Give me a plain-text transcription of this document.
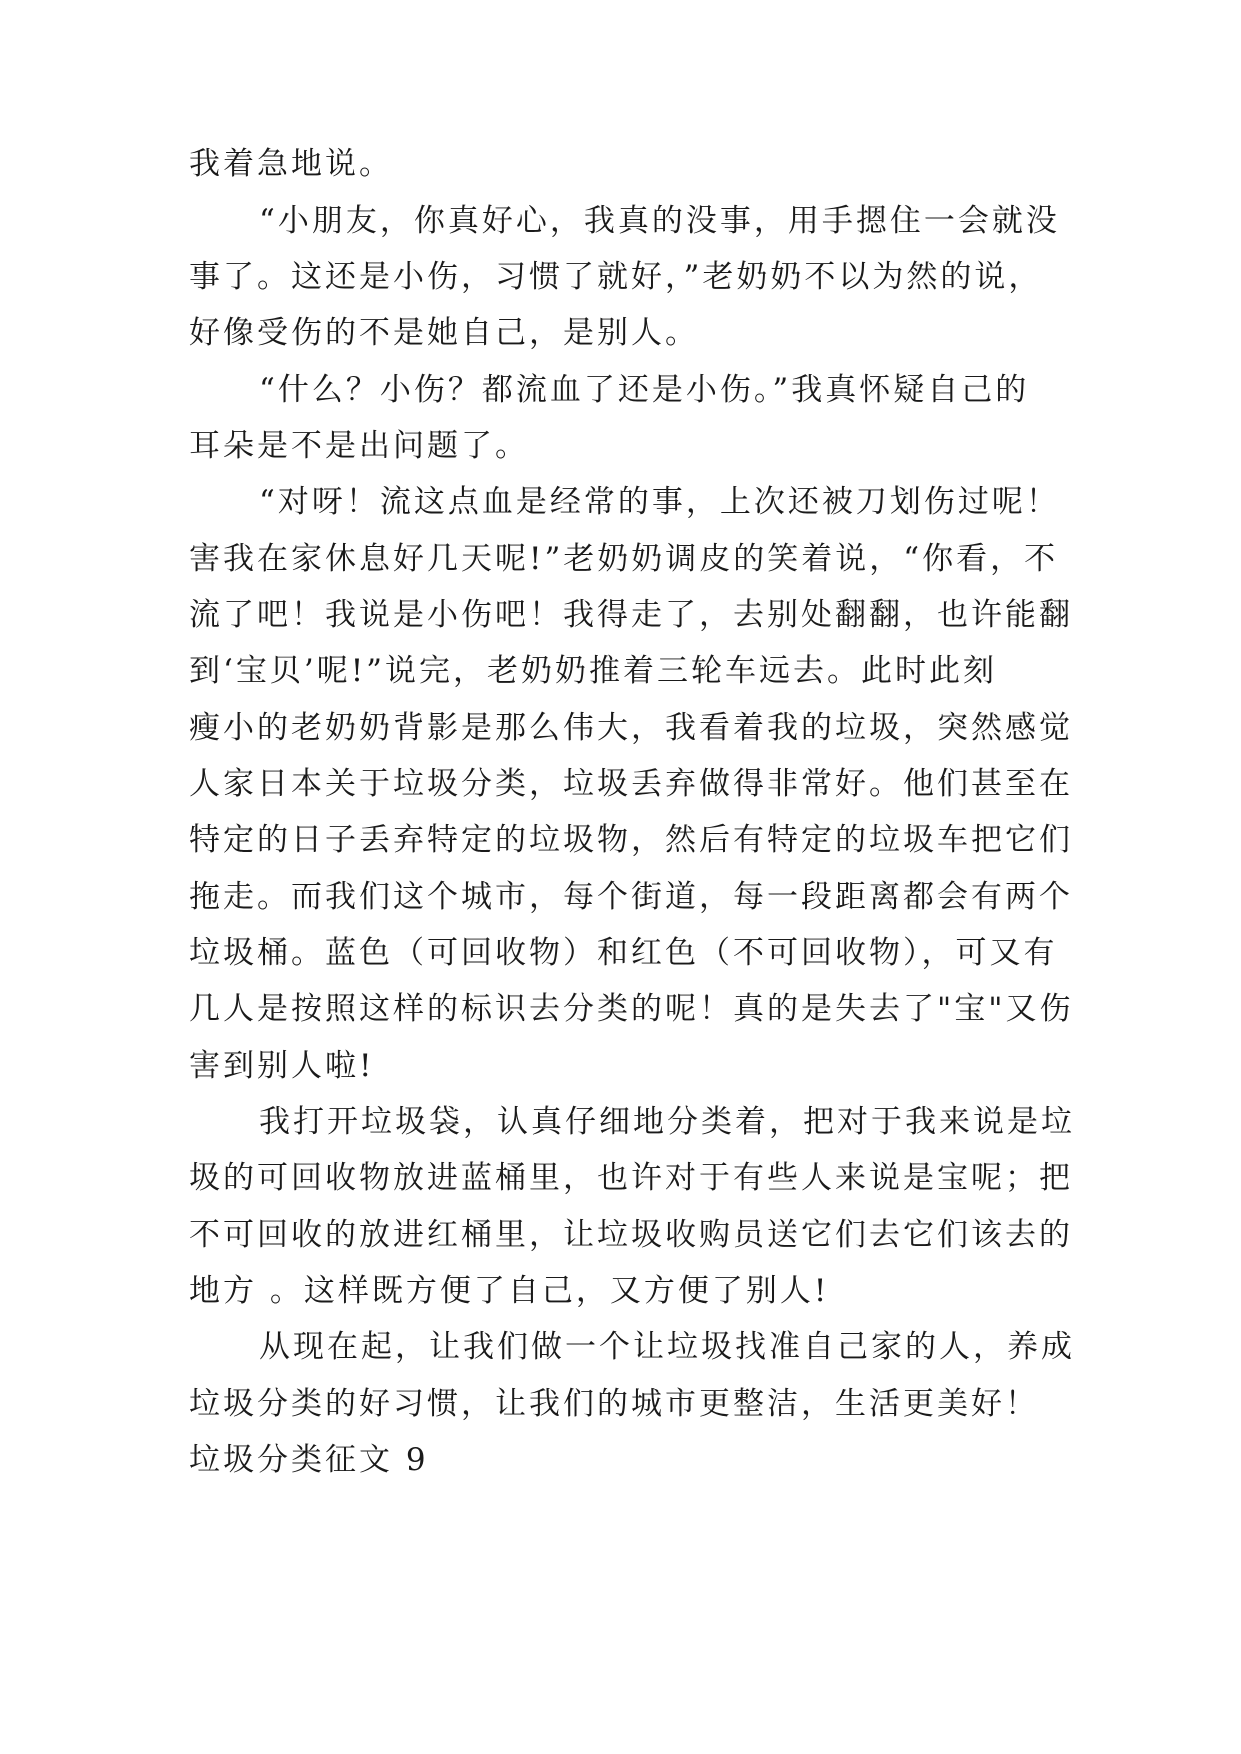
我着急地说。
“小朋友，你真好心，我真的没事，用手摁住一会就没
事了。这还是小伤，习惯了就好，”老奶奶不以为然的说，
好像受伤的不是她自己，是别人。
“什么？小伤？都流血了还是小伤。”我真怀疑自己的
耳朵是不是出问题了。
“对呀！流这点血是经常的事，上次还被刀划伤过呢！
害我在家休息好几天呢!”老奶奶调皮的笑着说，“你看，不
流了吧！我说是小伤吧！我得走了，去别处翻翻，也许能翻
到‘宝贝’呢!”说完，老奶奶推着三轮车远去。此时此刻
瘦小的老奶奶背影是那么伟大，我看着我的垃圾，突然感觉
人家日本关于垃圾分类，垃圾丢弃做得非常好。他们甚至在
特定的日子丢弃特定的垃圾物，然后有特定的垃圾车把它们
拖走。而我们这个城市，每个街道，每一段距离都会有两个
垃圾桶。蓝色（可回收物）和红色（不可回收物），可又有
几人是按照这样的标识去分类的呢！真的是失去了"宝"又伤
害到别人啦!
我打开垃圾袋，认真仔细地分类着，把对于我来说是垃
圾的可回收物放进蓝桶里，也许对于有些人来说是宝呢；把
不可回收的放进红桶里，让垃圾收购员送它们去它们该去的
地方 。这样既方便了自己，又方便了别人!
从现在起，让我们做一个让垃圾找准自己家的人，养成
垃圾分类的好习惯，让我们的城市更整洁，生活更美好！
垃圾分类征文 9
